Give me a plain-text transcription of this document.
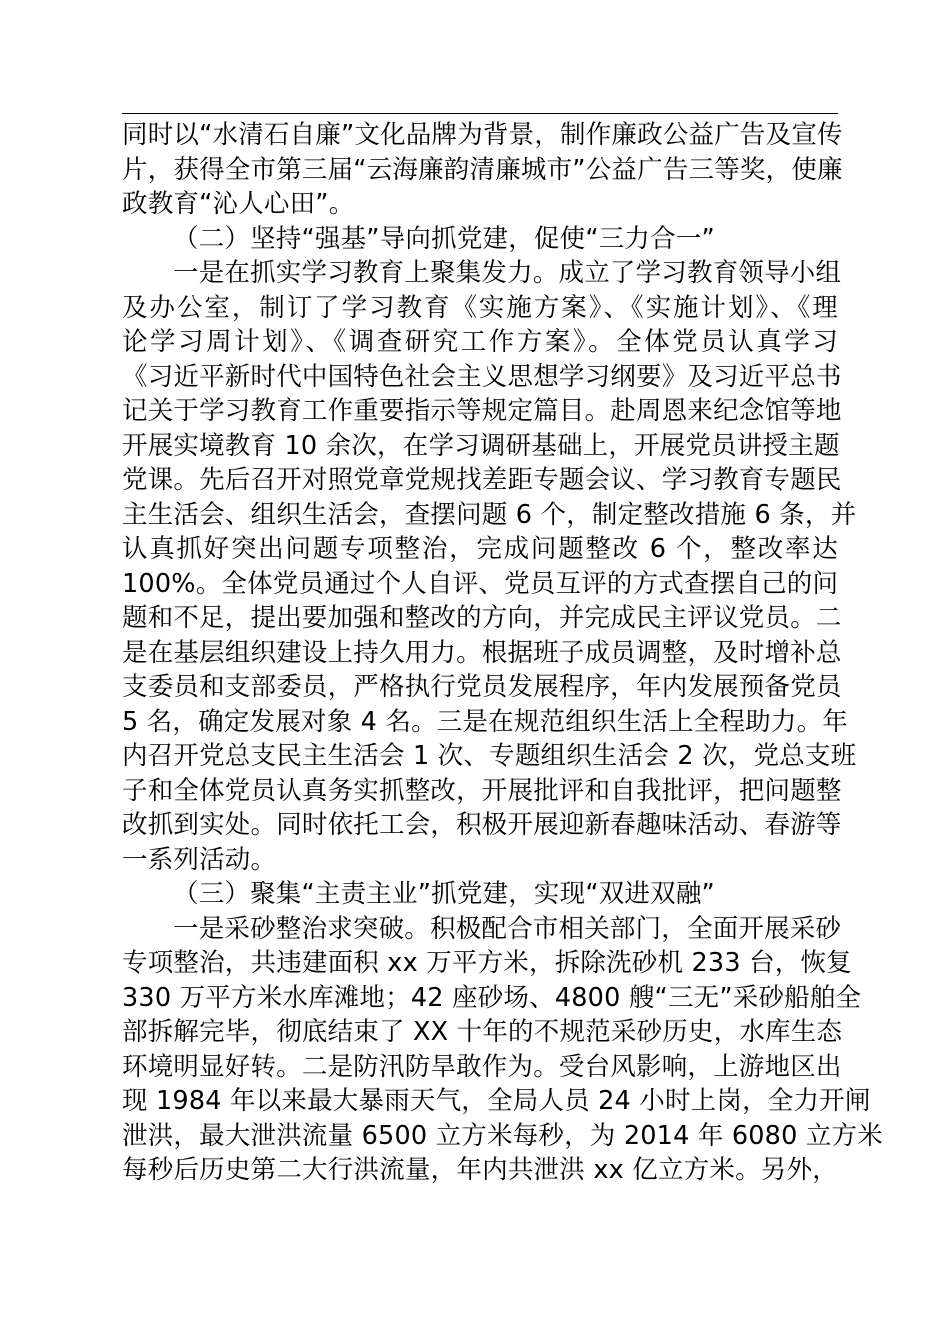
同时以“水清石自廉”文化品牌为背景，制作廉政公益广告及宣传
片，获得全市第三届“云海廉韵清廉城市”公益广告三等奖，使廉
政教育“沁人心田”。
（二）坚持“强基”导向抓党建，促使“三力合一”
一是在抓实学习教育上聚集发力。成立了学习教育领导小组
及办公室，制订了学习教育《实施方案》、《实施计划》、《理
论学习周计划》、《调查研究工作方案》。全体党员认真学习
《习近平新时代中国特色社会主义思想学习纲要》及习近平总书
记关于学习教育工作重要指示等规定篇目。赴周恩来纪念馆等地
开展实境教育 10 余次，在学习调研基础上，开展党员讲授主题
党课。先后召开对照党章党规找差距专题会议、学习教育专题民
主生活会、组织生活会，查摆问题 6 个，制定整改措施 6 条，并
认真抓好突出问题专项整治，完成问题整改 6 个，整改率达
100%。全体党员通过个人自评、党员互评的方式查摆自己的问
题和不足，提出要加强和整改的方向，并完成民主评议党员。二
是在基层组织建设上持久用力。根据班子成员调整，及时增补总
支委员和支部委员，严格执行党员发展程序，年内发展预备党员
5 名，确定发展对象 4 名。三是在规范组织生活上全程助力。年
内召开党总支民主生活会 1 次、专题组织生活会 2 次，党总支班
子和全体党员认真务实抓整改，开展批评和自我批评，把问题整
改抓到实处。同时依托工会，积极开展迎新春趣味活动、春游等
一系列活动。
（三）聚集“主责主业”抓党建，实现“双进双融”
一是采砂整治求突破。积极配合市相关部门，全面开展采砂
专项整治，共违建面积 xx 万平方米，拆除洗砂机 233 台，恢复
330 万平方米水库滩地；42 座砂场、4800 艘“三无”采砂船舶全
部拆解完毕，彻底结束了 XX 十年的不规范采砂历史，水库生态
环境明显好转。二是防汛防旱敢作为。受台风影响，上游地区出
现 1984 年以来最大暴雨天气，全局人员 24 小时上岗，全力开闸
泄洪，最大泄洪流量 6500 立方米每秒，为 2014 年 6080 立方米
每秒后历史第二大行洪流量，年内共泄洪 xx 亿立方米。另外，
